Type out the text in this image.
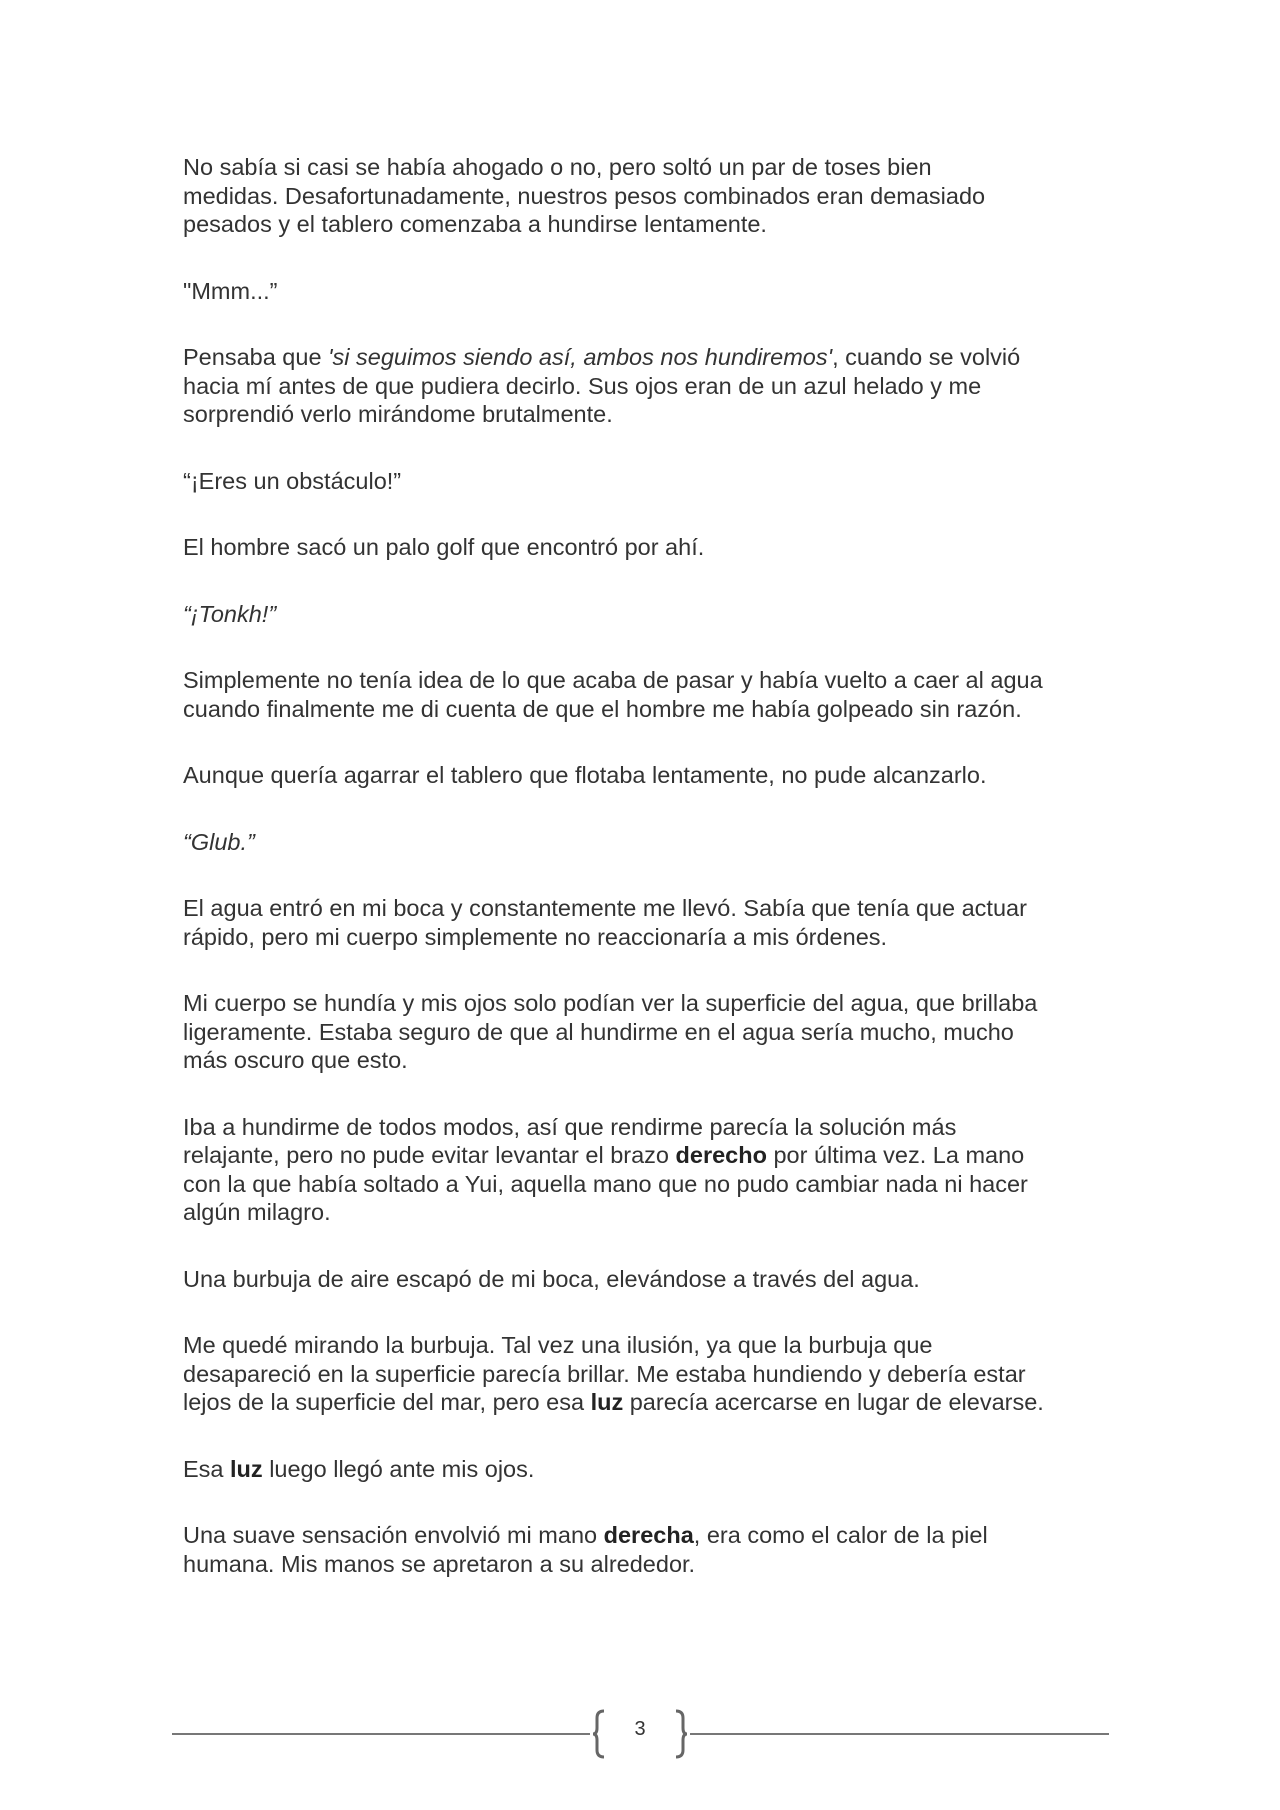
No sabía si casi se había ahogado o no, pero soltó un par de toses bien
medidas. Desafortunadamente, nuestros pesos combinados eran demasiado
pesados y el tablero comenzaba a hundirse lentamente.

"Mmm...”

Pensaba que 'si seguimos siendo así, ambos nos hundiremos', cuando se volvió
hacia mí antes de que pudiera decirlo. Sus ojos eran de un azul helado y me
sorprendió verlo mirándome brutalmente.

“¡Eres un obstáculo!”

El hombre sacó un palo golf que encontró por ahí.

“¡Tonkh!”

Simplemente no tenía idea de lo que acaba de pasar y había vuelto a caer al agua
cuando finalmente me di cuenta de que el hombre me había golpeado sin razón.

Aunque quería agarrar el tablero que flotaba lentamente, no pude alcanzarlo.

“Glub.”

El agua entró en mi boca y constantemente me llevó. Sabía que tenía que actuar
rápido, pero mi cuerpo simplemente no reaccionaría a mis órdenes.

Mi cuerpo se hundía y mis ojos solo podían ver la superficie del agua, que brillaba
ligeramente. Estaba seguro de que al hundirme en el agua sería mucho, mucho
más oscuro que esto.

Iba a hundirme de todos modos, así que rendirme parecía la solución más
relajante, pero no pude evitar levantar el brazo derecho por última vez. La mano
con la que había soltado a Yui, aquella mano que no pudo cambiar nada ni hacer
algún milagro.

Una burbuja de aire escapó de mi boca, elevándose a través del agua.

Me quedé mirando la burbuja. Tal vez una ilusión, ya que la burbuja que
desapareció en la superficie parecía brillar. Me estaba hundiendo y debería estar
lejos de la superficie del mar, pero esa luz parecía acercarse en lugar de elevarse.

Esa luz luego llegó ante mis ojos.

Una suave sensación envolvió mi mano derecha, era como el calor de la piel
humana. Mis manos se apretaron a su alrededor.

3
